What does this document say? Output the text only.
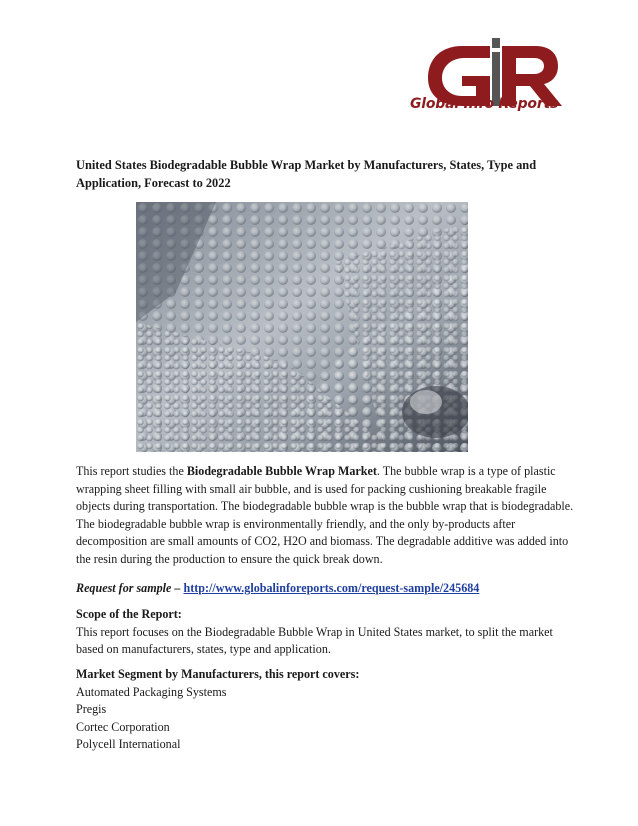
Global Info Reports
United States Biodegradable Bubble Wrap Market by Manufacturers, States, Type and Application, Forecast to 2022
This report studies the Biodegradable Bubble Wrap Market. The bubble wrap is a type of plastic wrapping sheet filling with small air bubble, and is used for packing cushioning breakable fragile objects during transportation. The biodegradable bubble wrap is the bubble wrap that is biodegradable. The biodegradable bubble wrap is environmentally friendly, and the only by-products after decomposition are small amounts of CO2, H2O and biomass. The degradable additive was added into the resin during the production to ensure the quick break down.
Request for sample – http://www.globalinforeports.com/request-sample/245684
Scope of the Report:
This report focuses on the Biodegradable Bubble Wrap in United States market, to split the market based on manufacturers, states, type and application.
Market Segment by Manufacturers, this report covers:
Automated Packaging Systems
Pregis
Cortec Corporation
Polycell International
